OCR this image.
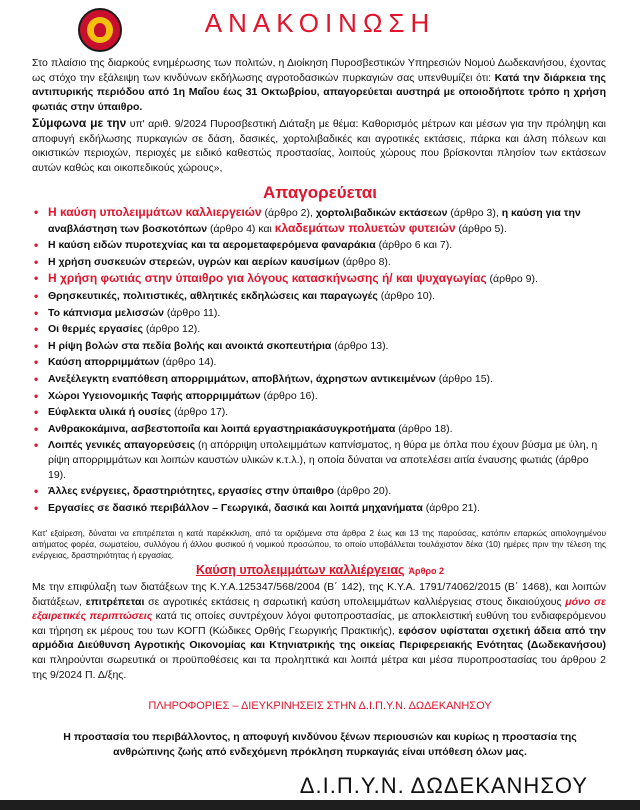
ΑΝΑΚΟΙΝΩΣΗ
Στο πλαίσιο της διαρκούς ενημέρωσης των πολιτών, η Διοίκηση Πυροσβεστικών Υπηρεσιών Νομού Δωδεκανήσου, έχοντας ως στόχο την εξάλειψη των κινδύνων εκδήλωσης αγροτοδασικών πυρκαγιών σας υπενθυμίζει ότι: Κατά την διάρκεια της αντιπυρικής περιόδου από 1η Μαΐου έως 31 Οκτωβρίου, απαγορεύεται αυστηρά με οποιοδήποτε τρόπο η χρήση φωτιάς στην ύπαιθρο.
Σύμφωνα με την υπ' αριθ. 9/2024 Πυροσβεστική Διάταξη με θέμα: Καθορισμός μέτρων και μέσων για την πρόληψη και αποφυγή εκδήλωσης πυρκαγιών σε δάση, δασικές, χορτολιβαδικές και αγροτικές εκτάσεις, πάρκα και άλση πόλεων και οικιστικών περιοχών, περιοχές με ειδικό καθεστώς προστασίας, λοιπούς χώρους που βρίσκονται πλησίον των εκτάσεων αυτών καθώς και οικοπεδικούς χώρους»,
Απαγορεύεται
• Η καύση υπολειμμάτων καλλιεργειών (άρθρο 2), χορτολιβαδικών εκτάσεων (άρθρο 3), η καύση για την αναβλάστηση των βοσκοτόπων (άρθρο 4) και κλαδεμάτων πολυετών φυτειών (άρθρο 5).
• Η καύση ειδών πυροτεχνίας και τα αερομεταφερόμενα φαναράκια (άρθρο 6 και 7).
• Η χρήση συσκευών στερεών, υγρών και αερίων καυσίμων (άρθρο 8).
• Η χρήση φωτιάς στην ύπαιθρο για λόγους κατασκήνωσης ή/ και ψυχαγωγίας (άρθρο 9).
• Θρησκευτικές, πολιτιστικές, αθλητικές εκδηλώσεις και παραγωγές (άρθρο 10).
• Το κάπνισμα μελισσών (άρθρο 11).
• Οι θερμές εργασίες (άρθρο 12).
• Η ρίψη βολών στα πεδία βολής και ανοικτά σκοπευτήρια (άρθρο 13).
• Καύση απορριμμάτων (άρθρο 14).
• Ανεξέλεγκτη εναπόθεση απορριμμάτων, αποβλήτων, άχρηστων αντικειμένων (άρθρο 15).
• Χώροι Υγειονομικής Ταφής απορριμμάτων (άρθρο 16).
• Εύφλεκτα υλικά ή ουσίες (άρθρο 17).
• Ανθρακοκάμινα, ασβεστοποιΐα και λοιπά εργαστηριακάσυγκροτήματα (άρθρο 18).
• Λοιπές γενικές απαγορεύσεις (η απόρριψη υπολειμμάτων καπνίσματος, η θύρα με όπλα που έχουν βύσμα με ύλη, η ρίψη απορριμμάτων και λοιπών καυστών υλικών κ.τ.λ.), η οποία δύναται να αποτελέσει αιτία έναυσης φωτιάς (άρθρο 19).
• Άλλες ενέργειες, δραστηριότητες, εργασίες στην ύπαιθρο (άρθρο 20).
• Εργασίες σε δασικό περιβάλλον – Γεωργικά, δασικά και λοιπά μηχανήματα (άρθρο 21).
Κατ' εξαίρεση, δύναται να επιτρέπεται η κατά παρέκκλιση, από τα οριζόμενα στα άρθρα 2 έως και 13 της παρούσας, κατόπιν επαρκώς αιτιολογημένου αιτήματος φορέα, σωματείου, συλλόγου ή άλλου φυσικού ή νομικού προσώπου, το οποίο υποβάλλεται τουλάχιστον δέκα (10) ημέρες πριν την τέλεση της ενέργειας, δραστηριότητας ή εργασίας.
Καύση υπολειμμάτων καλλιέργειας Άρθρο 2
Με την επιφύλαξη των διατάξεων της Κ.Υ.Α.125347/568/2004 (Β΄ 142), της Κ.Υ.Α. 1791/74062/2015 (Β΄ 1468), και λοιπών διατάξεων, επιτρέπεται σε αγροτικές εκτάσεις η σαρωτική καύση υπολειμμάτων καλλιέργειας στους δικαιούχους μόνο σε εξαιρετικές περιπτώσεις κατά τις οποίες συντρέχουν λόγοι φυτοπροστασίας, με αποκλειστική ευθύνη του ενδιαφερόμενου και τήρηση εκ μέρους του των ΚΟΓΠ (Κώδικες Ορθής Γεωργικής Πρακτικής), εφόσον υφίσταται σχετική άδεια από την αρμόδια Διεύθυνση Αγροτικής Οικονομίας και Κτηνιατρικής της οικείας Περιφερειακής Ενότητας (Δωδεκανήσου) και πληρούνται σωρευτικά οι προϋποθέσεις και τα προληπτικά και λοιπά μέτρα και μέσα πυροπροστασίας του άρθρου 2 της 9/2024 Π. Δ/ξης.
ΠΛΗΡΟΦΟΡΙΕΣ – ΔΙΕΥΚΡΙΝΗΣΕΙΣ ΣΤΗΝ Δ.Ι.Π.Υ.Ν. ΔΩΔΕΚΑΝΗΣΟΥ
Η προστασία του περιβάλλοντος, η αποφυγή κινδύνου ξένων περιουσιών και κυρίως η προστασία της ανθρώπινης ζωής από ενδεχόμενη πρόκληση πυρκαγιάς είναι υπόθεση όλων μας.
Δ.Ι.Π.Υ.Ν. ΔΩΔΕΚΑΝΗΣΟΥ
